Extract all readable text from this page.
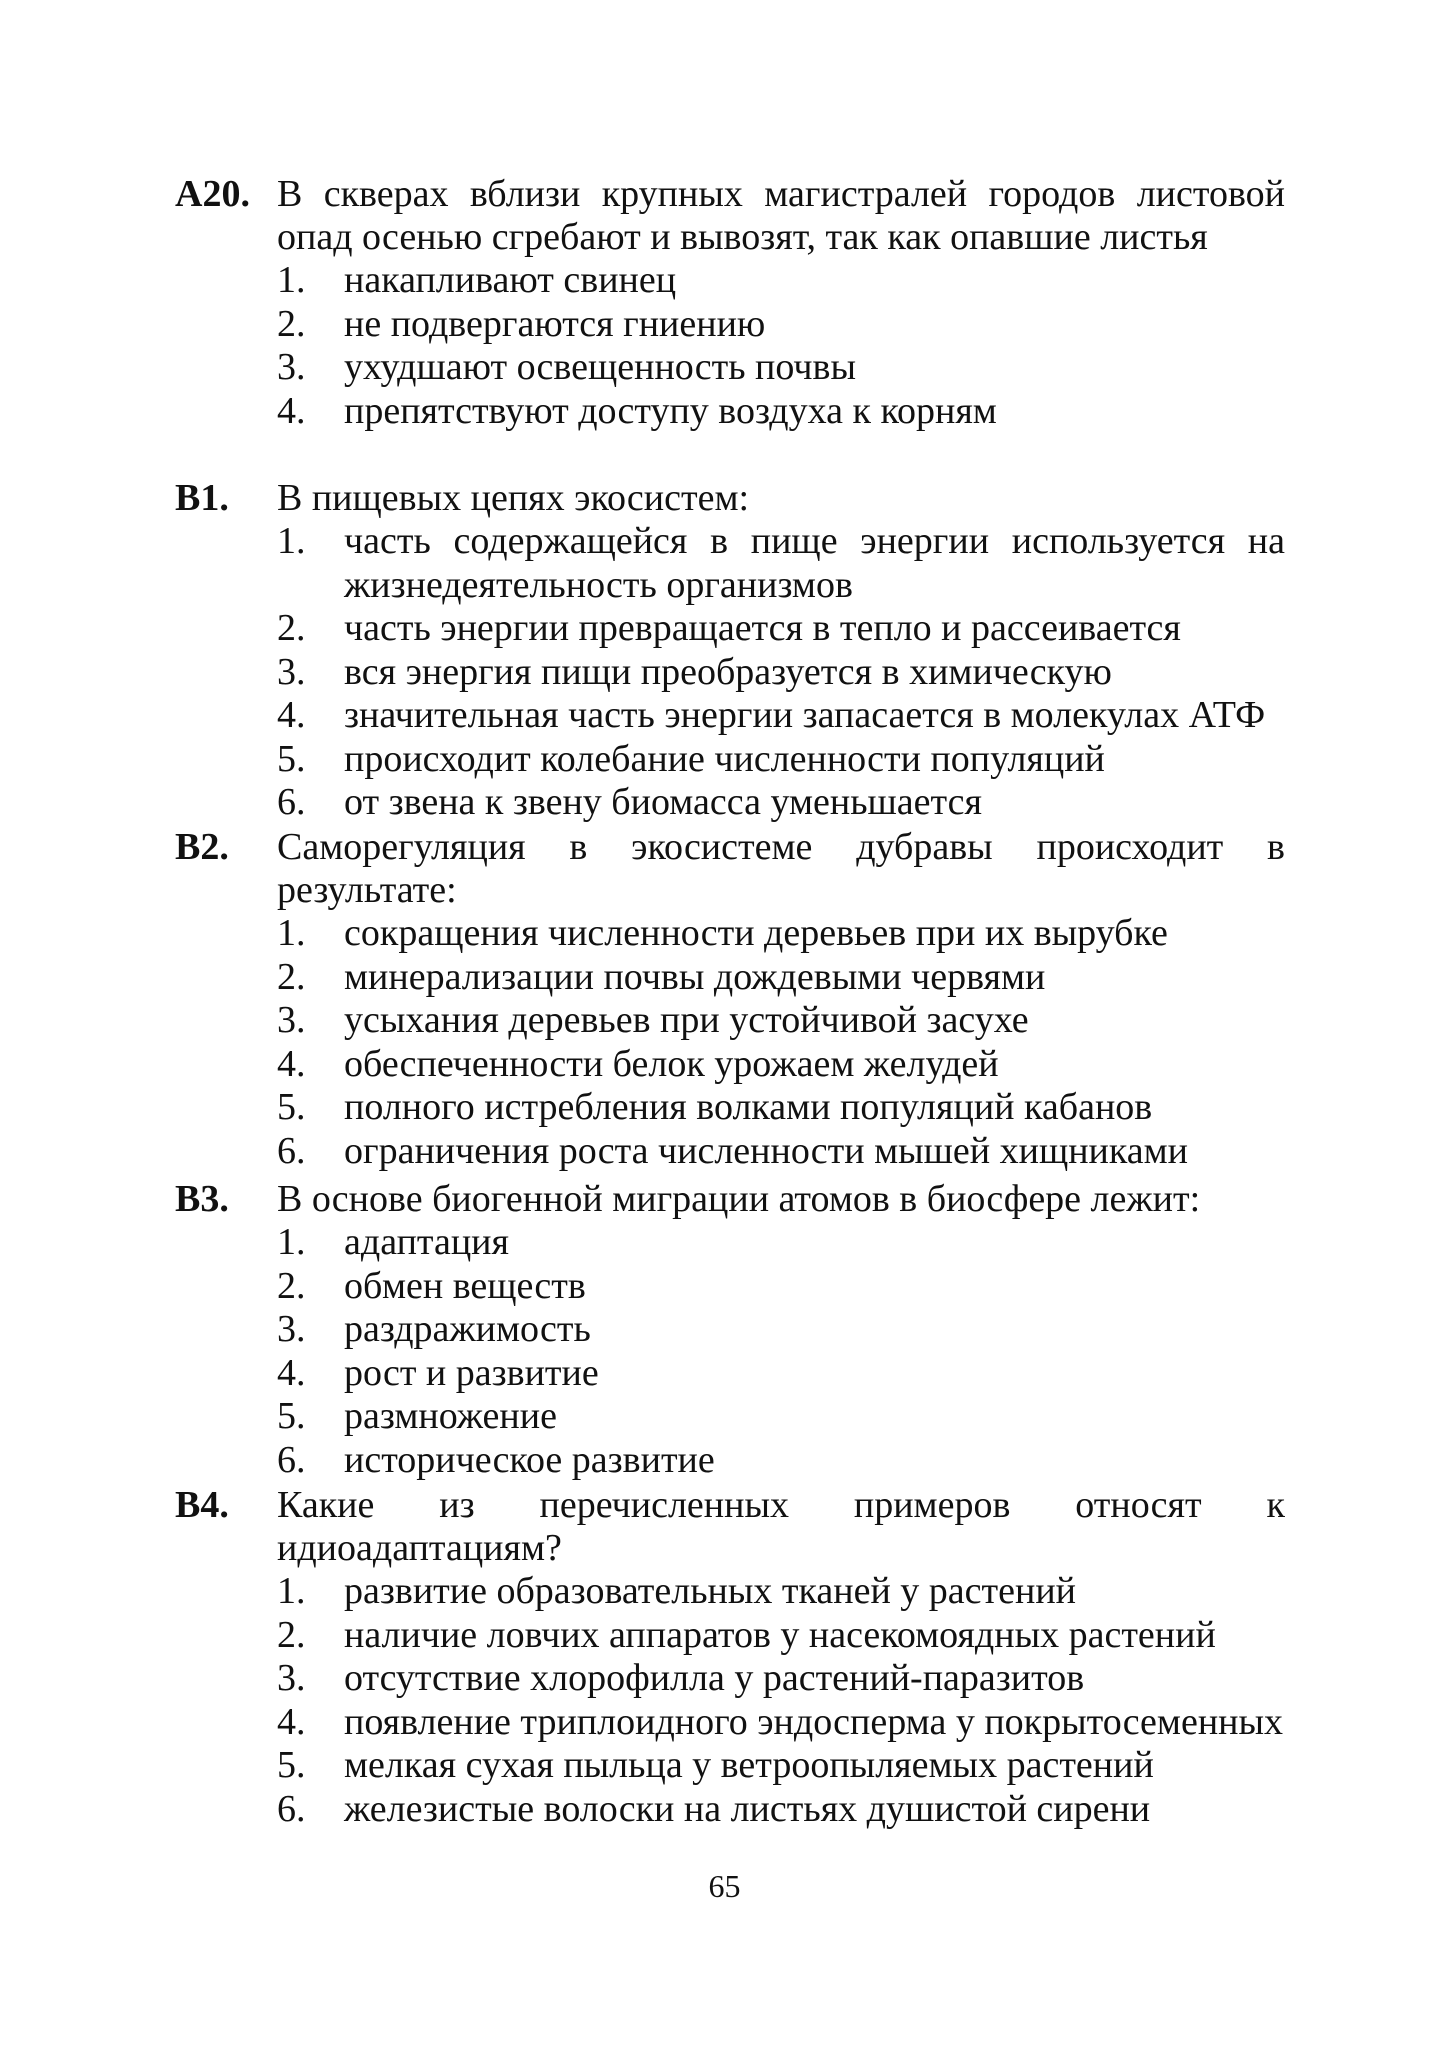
A20. В скверах вблизи крупных магистралей городов листовой опад осенью сгребают и вывозят, так как опавшие листья
1.	накапливают свинец
2.	не подвергаются гниению
3.	ухудшают освещенность почвы
4.	препятствуют доступу воздуха к корням
B1.	В пищевых цепях экосистем:
1.	часть содержащейся в пище энергии используется на жизнедеятельность организмов
2.	часть энергии превращается в тепло и рассеивается
3.	вся энергия пищи преобразуется в химическую
4.	значительная часть энергии запасается в молекулах АТФ
5.	происходит колебание численности популяций
6.	от звена к звену биомасса уменьшается
B2.	Саморегуляция в экосистеме дубравы происходит в результате:
1.	сокращения численности деревьев при их вырубке
2.	минерализации почвы дождевыми червями
3.	усыхания деревьев при устойчивой засухе
4.	обеспеченности белок урожаем желудей
5.	полного истребления волками популяций кабанов
6.	ограничения роста численности мышей хищниками
B3.	В основе биогенной миграции атомов в биосфере лежит:
1.	адаптация
2.	обмен веществ
3.	раздражимость
4.	рост и развитие
5.	размножение
6.	историческое развитие
B4.	Какие из перечисленных примеров относят к идиоадаптациям?
1.	развитие образовательных тканей у растений
2.	наличие ловчих аппаратов у насекомоядных растений
3.	отсутствие хлорофилла у растений-паразитов
4.	появление триплоидного эндосперма у покрытосеменных
5.	мелкая сухая пыльца у ветроопыляемых растений
6.	железистые волоски на листьях душистой сирени
65
